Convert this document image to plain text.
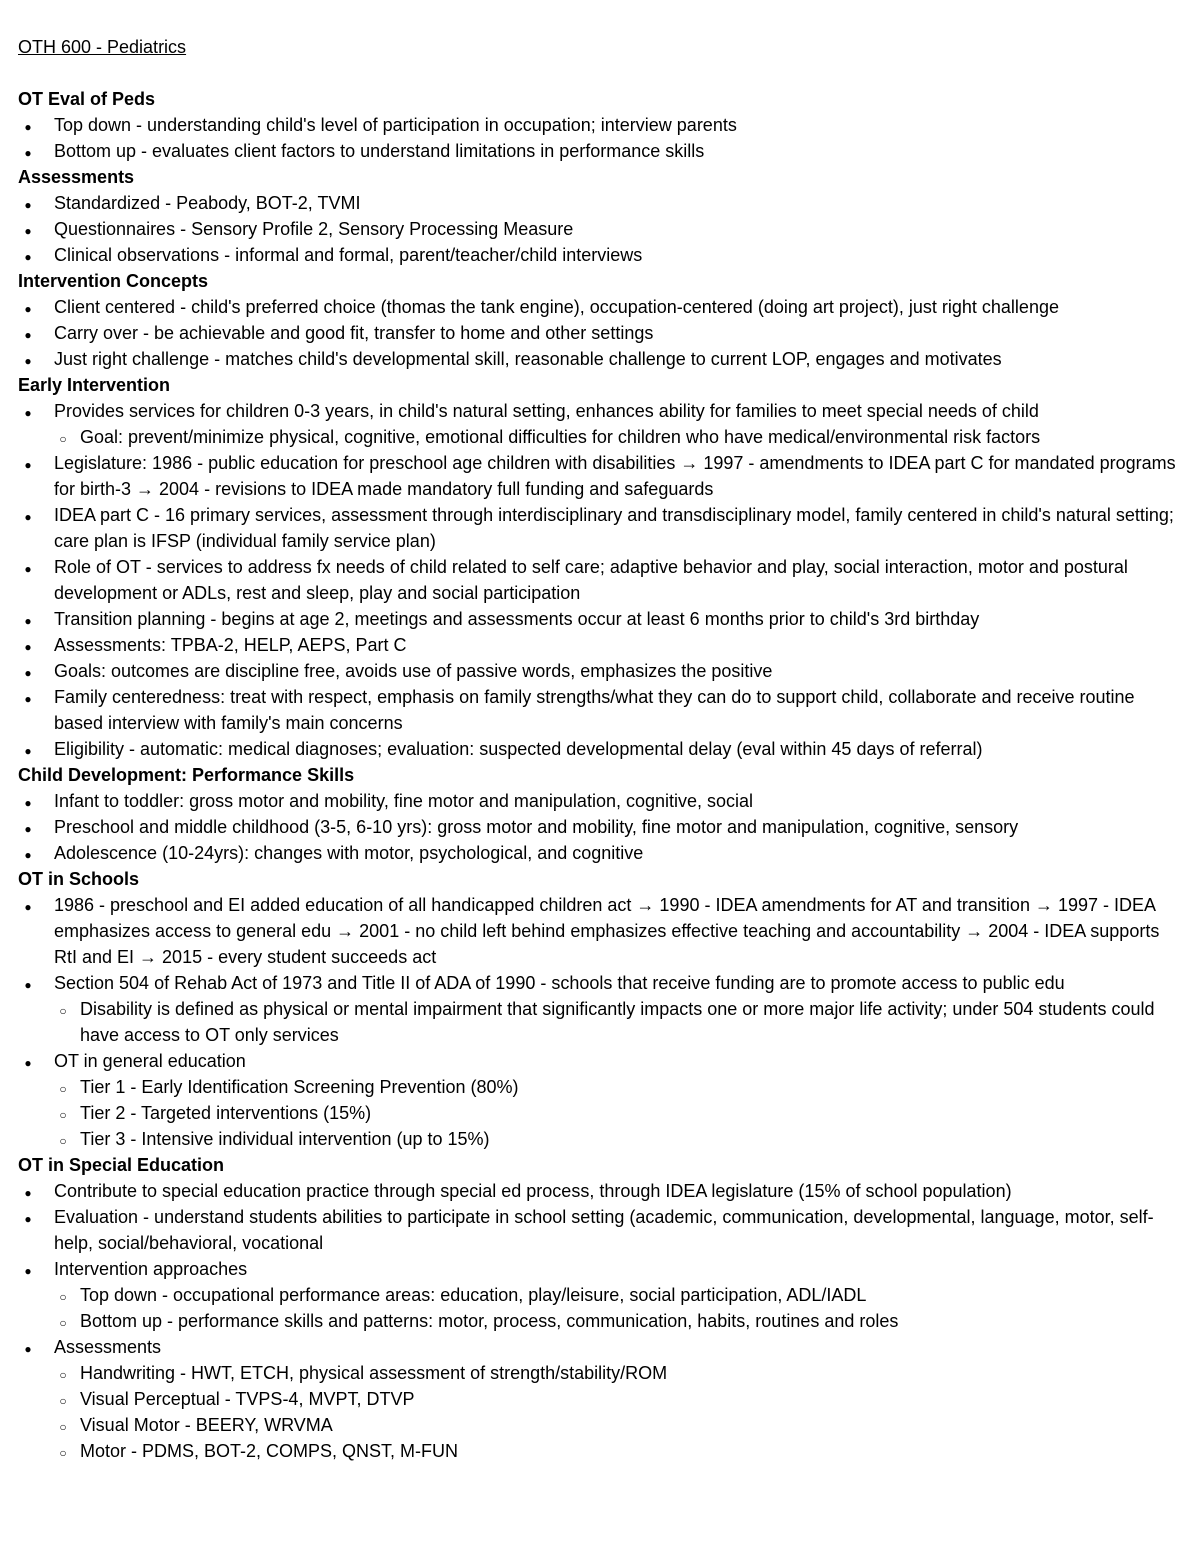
OTH 600 - Pediatrics
OT Eval of Peds
●
Top down - understanding child's level of participation in occupation; interview parents
●
Bottom up - evaluates client factors to understand limitations in performance skills
Assessments
●
Standardized - Peabody, BOT-2, TVMI
●
Questionnaires - Sensory Profile 2, Sensory Processing Measure
●
Clinical observations - informal and formal, parent/teacher/child interviews
Intervention Concepts
●
Client centered - child's preferred choice (thomas the tank engine), occupation-centered (doing art project), just right challenge
●
Carry over - be achievable and good fit, transfer to home and other settings
●
Just right challenge - matches child's developmental skill, reasonable challenge to current LOP, engages and motivates
Early Intervention
●
Provides services for children 0-3 years, in child's natural setting, enhances ability for families to meet special needs of child
○
Goal: prevent/minimize physical, cognitive, emotional difficulties for children who have medical/environmental risk factors
●
Legislature: 1986 - public education for preschool age children with disabilities → 1997 - amendments to IDEA part C for mandated programs for birth-3 → 2004 - revisions to IDEA made mandatory full funding and safeguards
●
IDEA part C - 16 primary services, assessment through interdisciplinary and transdisciplinary model, family centered in child's natural setting; care plan is IFSP (individual family service plan)
●
Role of OT - services to address fx needs of child related to self care; adaptive behavior and play, social interaction, motor and postural development or ADLs, rest and sleep, play and social participation
●
Transition planning - begins at age 2, meetings and assessments occur at least 6 months prior to child's 3rd birthday
●
Assessments: TPBA-2, HELP, AEPS, Part C
●
Goals: outcomes are discipline free, avoids use of passive words, emphasizes the positive
●
Family centeredness: treat with respect, emphasis on family strengths/what they can do to support child, collaborate and receive routine based interview with family's main concerns
●
Eligibility - automatic: medical diagnoses; evaluation: suspected developmental delay (eval within 45 days of referral)
Child Development: Performance Skills
●
Infant to toddler: gross motor and mobility, fine motor and manipulation, cognitive, social
●
Preschool and middle childhood (3-5, 6-10 yrs): gross motor and mobility, fine motor and manipulation, cognitive, sensory
●
Adolescence (10-24yrs): changes with motor, psychological, and cognitive
OT in Schools
●
1986 - preschool and EI added education of all handicapped children act → 1990 - IDEA amendments for AT and transition → 1997 - IDEA emphasizes access to general edu → 2001 - no child left behind emphasizes effective teaching and accountability → 2004 - IDEA supports RtI and EI → 2015 - every student succeeds act
●
Section 504 of Rehab Act of 1973 and Title II of ADA of 1990 - schools that receive funding are to promote access to public edu
○
Disability is defined as physical or mental impairment that significantly impacts one or more major life activity; under 504 students could have access to OT only services
●
OT in general education
○
Tier 1 - Early Identification Screening Prevention (80%)
○
Tier 2 - Targeted interventions (15%)
○
Tier 3 - Intensive individual intervention (up to 15%)
OT in Special Education
●
Contribute to special education practice through special ed process, through IDEA legislature (15% of school population)
●
Evaluation - understand students abilities to participate in school setting (academic, communication, developmental, language, motor, self-help, social/behavioral, vocational
●
Intervention approaches
○
Top down - occupational performance areas: education, play/leisure, social participation, ADL/IADL
○
Bottom up - performance skills and patterns: motor, process, communication, habits, routines and roles
●
Assessments
○
Handwriting - HWT, ETCH, physical assessment of strength/stability/ROM
○
Visual Perceptual - TVPS-4, MVPT, DTVP
○
Visual Motor - BEERY, WRVMA
○
Motor - PDMS, BOT-2, COMPS, QNST, M-FUN
